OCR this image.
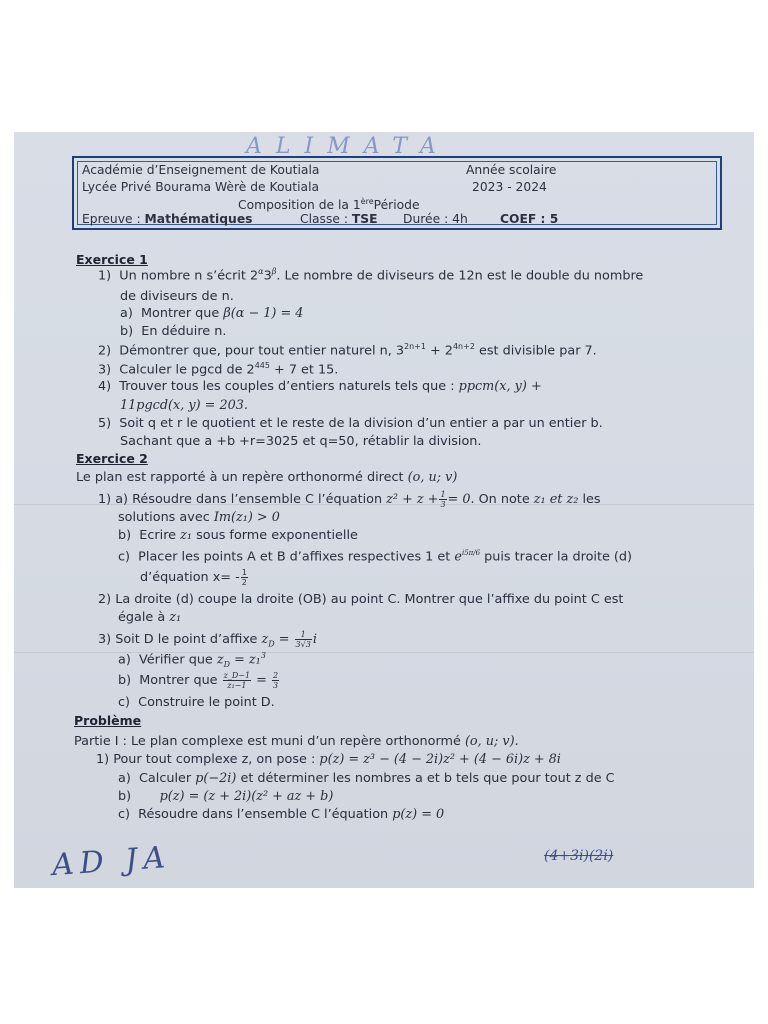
ALIMATA
Académie d’Enseignement de Koutiala	Année scolaire
Lycée Privé Bourama Wèrè de Koutiala	2023 - 2024
Composition de la 1èrePériode
Epreuve : Mathématiques	Classe : TSE Durée : 4h	COEF : 5
Exercice 1
1) Un nombre n s’écrit $2^\alpha 3^\beta$. Le nombre de diviseurs de 12n est le double du nombre
de diviseurs de n.
a) Montrer que β(α − 1) = 4
b) En déduire n.
2) Démontrer que, pour tout entier naturel n, $3^{2n+1} + 2^{4n+2}$ est divisible par 7.
3) Calculer le pgcd de $2^{445} + 7$ et 15.
4) Trouver tous les couples d’entiers naturels tels que : ppcm(x, y) +
11pgcd(x, y) = 203.
5) Soit q et r le quotient et le reste de la division d’un entier a par un entier b.
Sachant que a +b +r=3025 et q=50, rétablir la division.
Exercice 2
Le plan est rapporté à un repère orthonormé direct (o, u; v)
1) a) Résoudre dans l’ensemble C l’équation $z^2 + z + \frac{1}{3} = 0$. On note z₁ et z₂ les
solutions avec Im(z₁) > 0
b) Ecrire z₁ sous forme exponentielle
c) Placer les points A et B d’affixes respectives 1 et $e^{i5\pi/6}$ puis tracer la droite (d)
d’équation $x= - \frac{1}{2}$
2) La droite (d) coupe la droite (OB) au point C. Montrer que l’affixe du point C est
égale à z₁
3) Soit D le point d’affixe $z_D = \frac{1}{3√3}$ i
a) Vérifier que $z_D = z_1^3$
b) Montrer que $\frac{z\_D-1}{\text{z₁−1}} = \frac{2}{3}$
c) Construire le point D.
Problème
Partie I : Le plan complexe est muni d’un repère orthonormé (o, u; v).
1) Pour tout complexe z, on pose : p(z) = z³ − (4 − 2i)z² + (4 − 6i)z + 8i
a) Calculer p(−2i) et déterminer les nombres a et b tels que pour tout z de C
b) p(z) = (z + 2i)(z² + az + b)
c) Résoudre dans l’ensemble C l’équation p(z) = 0
AD JA	(4+3i)(2i)
